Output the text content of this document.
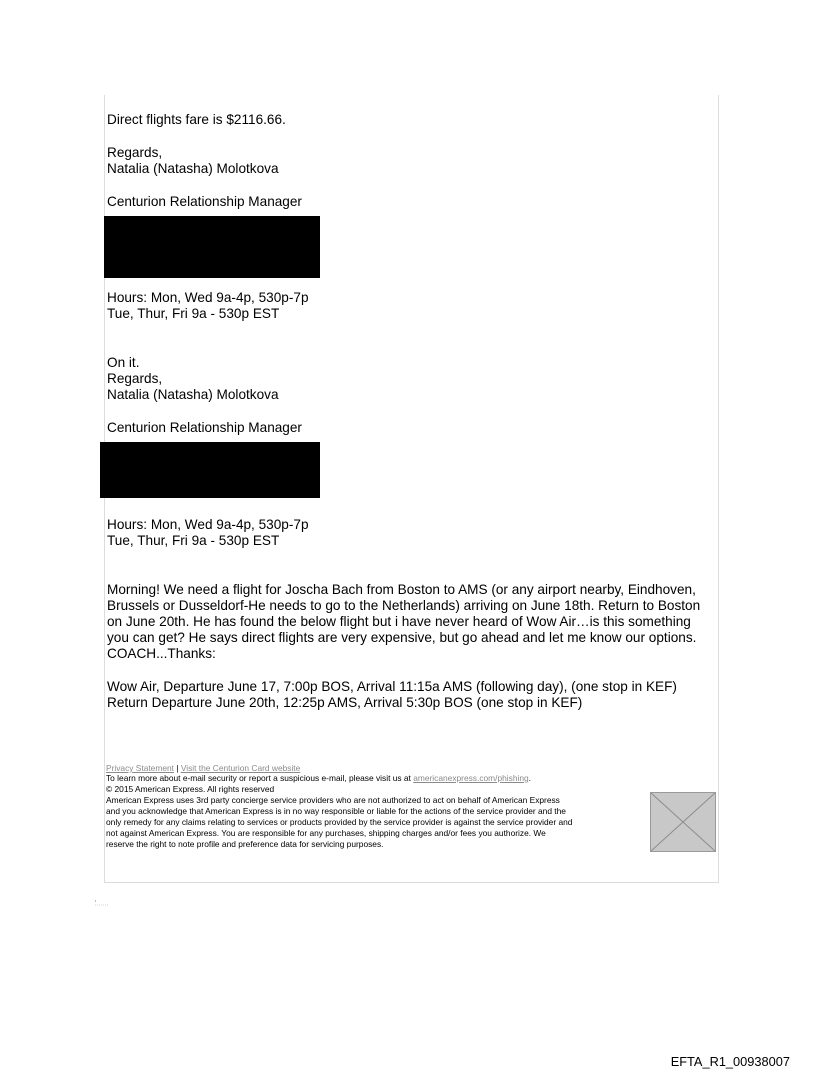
Direct flights fare is $2116.66.
Regards,
Natalia (Natasha) Molotkova
Centurion Relationship Manager
Hours: Mon, Wed 9a-4p, 530p-7p
Tue, Thur, Fri 9a - 530p EST
On it.
Regards,
Natalia (Natasha) Molotkova
Centurion Relationship Manager
Hours: Mon, Wed 9a-4p, 530p-7p
Tue, Thur, Fri 9a - 530p EST
Morning! We need a flight for Joscha Bach from Boston to AMS (or any airport nearby, Eindhoven,
Brussels or Dusseldorf-He needs to go to the Netherlands) arriving on June 18th. Return to Boston
on June 20th. He has found the below flight but i have never heard of Wow Air…is this something
you can get? He says direct flights are very expensive, but go ahead and let me know our options.
COACH...Thanks:
Wow Air, Departure June 17, 7:00p BOS, Arrival 11:15a AMS (following day), (one stop in KEF)
Return Departure June 20th, 12:25p AMS, Arrival 5:30p BOS (one stop in KEF)
Privacy Statement | Visit the Centurion Card website
To learn more about e-mail security or report a suspicious e-mail, please visit us at americanexpress.com/phishing.
© 2015 American Express. All rights reserved
American Express uses 3rd party concierge service providers who are not authorized to act on behalf of American Express
and you acknowledge that American Express is in no way responsible or liable for the actions of the service provider and the
only remedy for any claims relating to services or products provided by the service provider is against the service provider and
not against American Express. You are responsible for any purchases, shipping charges and/or fees you authorize. We
reserve the right to note profile and preference data for servicing purposes.
EFTA_R1_00938007
